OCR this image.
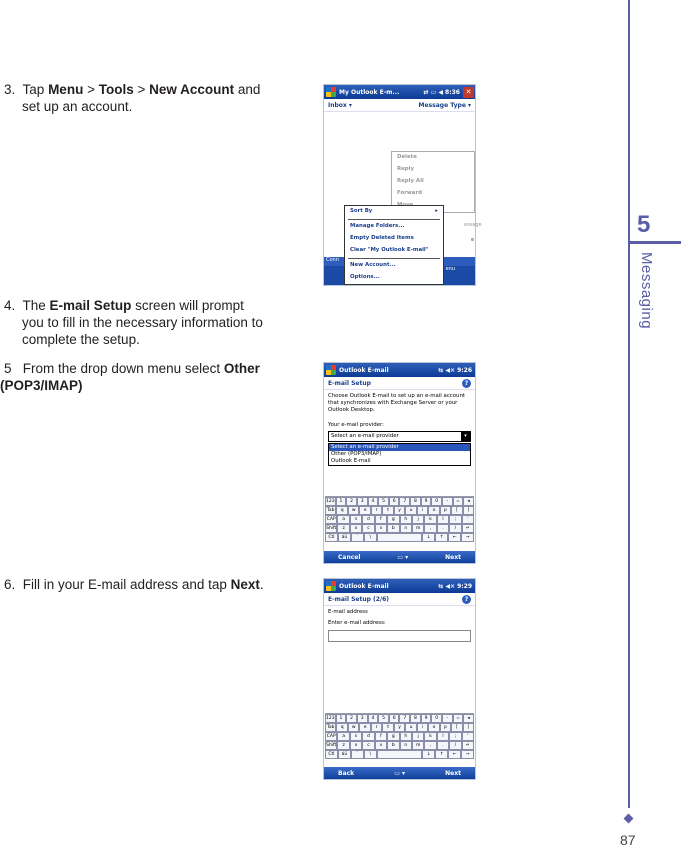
3. Tap Menu > Tools > New Account and
set up an account.
4. The E-mail Setup screen will prompt
you to fill in the necessary information to
complete the setup.
5 From the drop down menu select Other
(POP3/IMAP)
6. Fill in your E-mail address and tap Next.
My Outlook E-m...	⇄ ▭ ◀ 8:36 ✕
Inbox ▾	Message Type ▾
Delete
Reply
Reply All
Forward
essage
e
Conn
enu
Sort By	▸
Manage Folders...
Empty Deleted Items
Clear "My Outlook E-mail"
New Account...
Options...
Outlook E-mail	⇆ ◀× 9:26
E-mail Setup	?
Choose Outlook E-mail to set up an e-mail account that synchronizes with Exchange Server or your Outlook Desktop.
Your e-mail provider:
Select an e-mail provider	▾
Select an e-mail provider
Other (POP3/IMAP)
Outlook E-mail
123	1	2	3	4	5	6	7	8	9	0	-	=	◂
Tab	q	w	e	r	t	y	u	i	o	p	[	]
CAP	a	s	d	f	g	h	j	k	l	;	'
Shift	z	x	c	v	b	n	m	,	.	/	↵
Ctl	áü	`	\	↓	↑	←	→
Cancel	▭ ▾	Next
Outlook E-mail	⇆ ◀× 9:29
E-mail Setup (2/6)	?
E-mail address
Enter e-mail address:
123	1	2	3	4	5	6	7	8	9	0	-	=	◂
Tab	q	w	e	r	t	y	u	i	o	p	[	]
CAP	a	s	d	f	g	h	j	k	l	;	'
Shift	z	x	c	v	b	n	m	,	.	/	↵
Ctl	áü	`	\	↓	↑	←	→
Back	▭ ▾	Next
5
Messaging
87
